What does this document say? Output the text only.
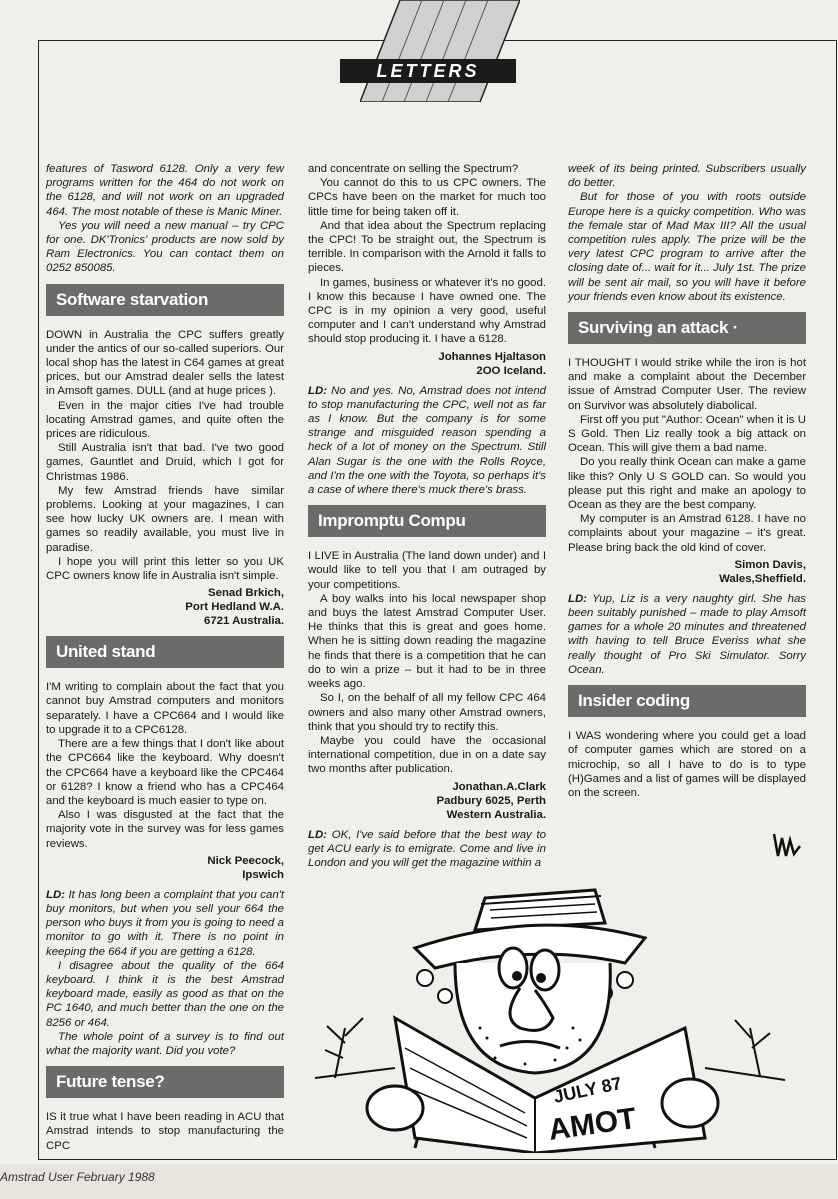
LETTERS

features of Tasword 6128. Only a very few programs written for the 464 do not work on the 6128, and will not work on an upgraded 464. The most notable of these is Manic Miner.

Yes you will need a new manual – try CPC for one. DK'Tronics' products are now sold by Ram Electronics. You can contact them on 0252 850085.

Software starvation

DOWN in Australia the CPC suffers greatly under the antics of our so-called superiors. Our local shop has the latest in C64 games at great prices, but our Amstrad dealer sells the latest in Amsoft games. DULL (and at huge prices ).

Even in the major cities I've had trouble locating Amstrad games, and quite often the prices are ridiculous.

Still Australia isn't that bad. I've two good games, Gauntlet and Druid, which I got for Christmas 1986.

My few Amstrad friends have similar problems. Looking at your magazines, I can see how lucky UK owners are. I mean with games so readily available, you must live in paradise.

I hope you will print this letter so you UK CPC owners know life in Australia isn't simple.

Senad Brkich,
Port Hedland W.A.
6721 Australia.
United stand

I'M writing to complain about the fact that you cannot buy Amstrad computers and monitors separately. I have a CPC664 and I would like to upgrade it to a CPC6128.

There are a few things that I don't like about the CPC664 like the keyboard. Why doesn't the CPC664 have a keyboard like the CPC464 or 6128? I know a friend who has a CPC464 and the keyboard is much easier to type on.

Also I was disgusted at the fact that the majority vote in the survey was for less games reviews.

Nick Peecock,
Ipswich

LD: It has long been a complaint that you can't buy monitors, but when you sell your 664 the person who buys it from you is going to need a monitor to go with it. There is no point in keeping the 664 if you are getting a 6128.

I disagree about the quality of the 664 keyboard. I think it is the best Amstrad keyboard made, easily as good as that on the PC 1640, and much better than the one on the 8256 or 464.

The whole point of a survey is to find out what the majority want. Did you vote?

Future tense?

IS it true what I have been reading in ACU that Amstrad intends to stop manufacturing the CPC

and concentrate on selling the Spectrum?

You cannot do this to us CPC owners. The CPCs have been on the market for much too little time for being taken off it.

And that idea about the Spectrum replacing the CPC! To be straight out, the Spectrum is terrible. In comparison with the Arnold it falls to pieces.

In games, business or whatever it's no good. I know this because I have owned one. The CPC is in my opinion a very good, useful computer and I can't understand why Amstrad should stop producing it. I have a 6128.

Johannes Hjaltason
2OO Iceland.

LD: No and yes. No, Amstrad does not intend to stop manufacturing the CPC, well not as far as I know. But the company is for some strange and misguided reason spending a heck of a lot of money on the Spectrum. Still Alan Sugar is the one with the Rolls Royce, and I'm the one with the Toyota, so perhaps it's a case of where there's muck there's brass.

Impromptu Compu

I LIVE in Australia (The land down under) and I would like to tell you that I am outraged by your competitions.

A boy walks into his local newspaper shop and buys the latest Amstrad Computer User. He thinks that this is great and goes home. When he is sitting down reading the magazine he finds that there is a competition that he can do to win a prize – but it had to be in three weeks ago.

So I, on the behalf of all my fellow CPC 464 owners and also many other Amstrad owners, think that you should try to rectify this.

Maybe you could have the occasional international competition, due in on a date say two months after publication.

Jonathan.A.Clark
Padbury 6025, Perth
Western Australia.

LD: OK, I've said before that the best way to get ACU early is to emigrate. Come and live in London and you will get the magazine within a

week of its being printed. Subscribers usually do better.

But for those of you with roots outside Europe here is a quicky competition. Who was the female star of Mad Max III? All the usual competition rules apply. The prize will be the very latest CPC program to arrive after the closing date of... wait for it... July 1st. The prize will be sent air mail, so you will have it before your friends even know about its existence.

Surviving an attack ·

I THOUGHT I would strike while the iron is hot and make a complaint about the December issue of Amstrad Computer User. The review on Survivor was absolutely diabolical.

First off you put "Author: Ocean" when it is U S Gold. Then Liz really took a big attack on Ocean. This will give them a bad name.

Do you really think Ocean can make a game like this? Only U S GOLD can. So would you please put this right and make an apology to Ocean as they are the best company.

My computer is an Amstrad 6128. I have no complaints about your magazine – it's great. Please bring back the old kind of cover.

Simon Davis,
Wales,Sheffield.

LD: Yup, Liz is a very naughty girl. She has been suitably punished – made to play Amsoft games for a whole 20 minutes and threatened with having to tell Bruce Everiss what she really thought of Pro Ski Simulator. Sorry Ocean.

Insider coding

I WAS wondering where you could get a load of computer games which are stored on a microchip, so all I have to do is to type (H)Games and a list of games will be displayed on the screen.

JULY 87
AMOT
Amstrad User February 1988
